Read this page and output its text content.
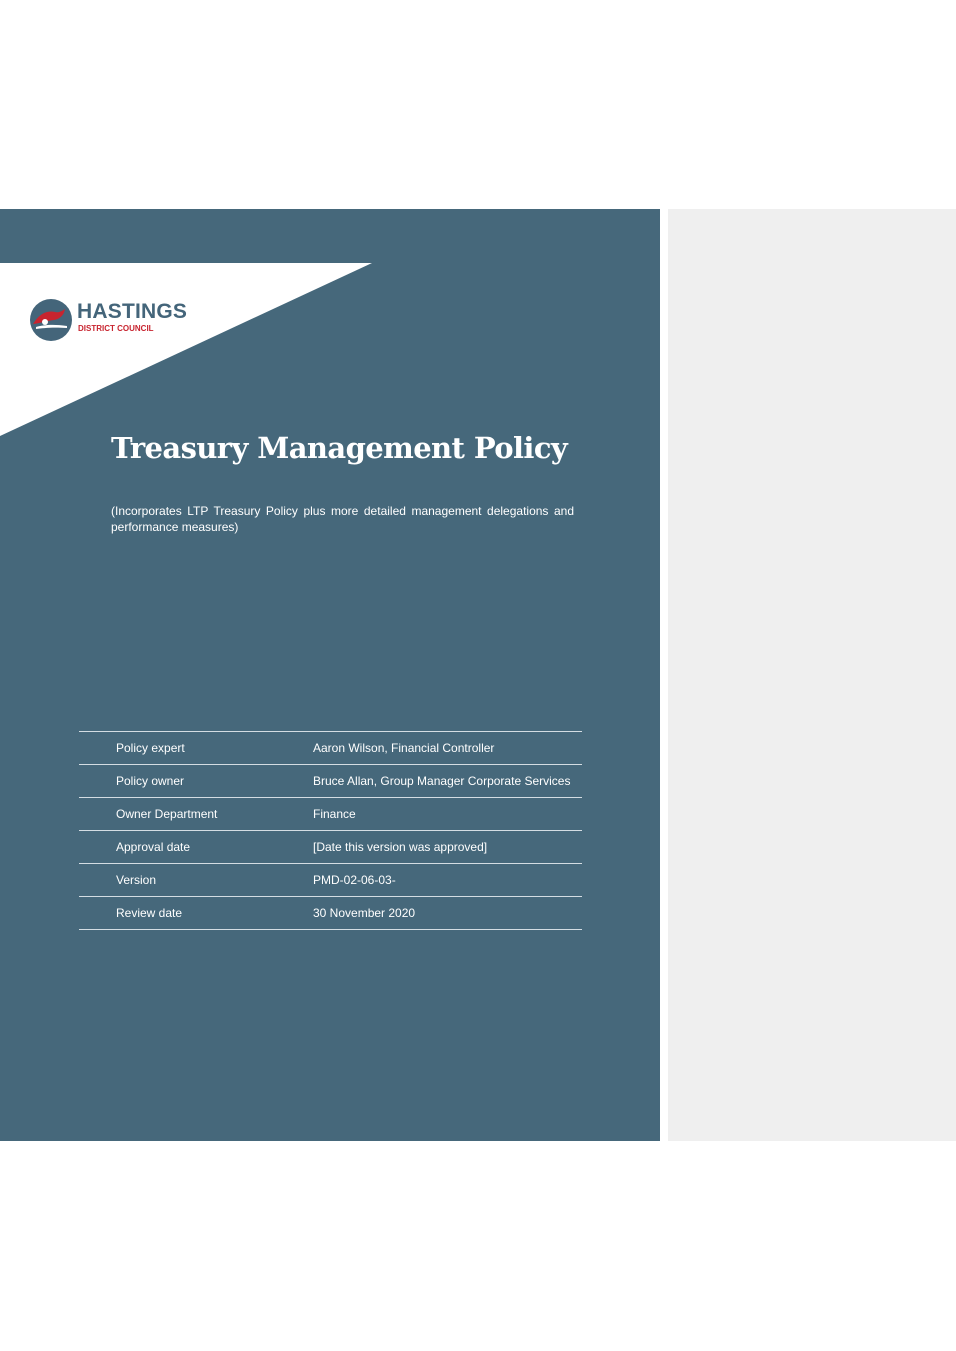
HASTINGS
DISTRICT COUNCIL
Treasury Management Policy

(Incorporates LTP Treasury Policy plus more detailed management delegations and performance measures)

Policy expert	Aaron Wilson, Financial Controller
Policy owner	Bruce Allan, Group Manager Corporate Services
Owner Department	Finance
Approval date	[Date this version was approved]
Version	PMD-02-06-03-
Review date	30 November 2020
